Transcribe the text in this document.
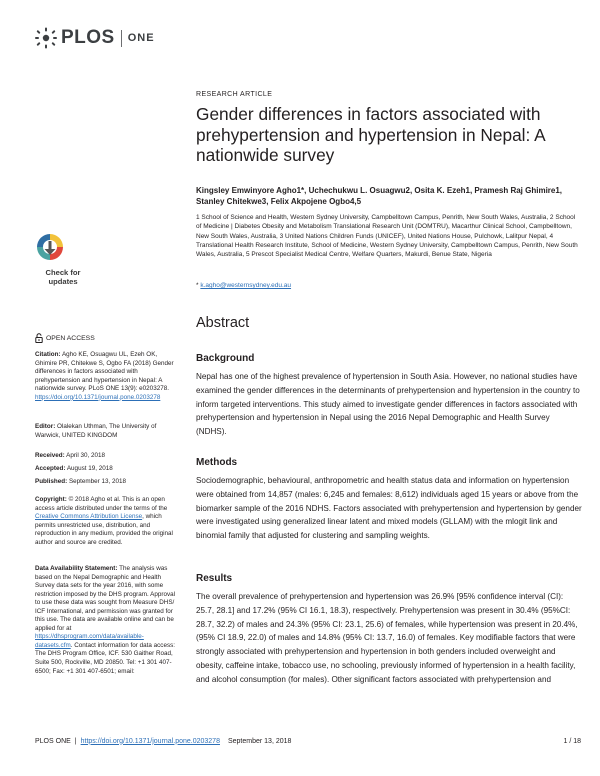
PLOS ONE
Check for updates
OPEN ACCESS
Citation: Agho KE, Osuagwu UL, Ezeh OK, Ghimire PR, Chitekwe S, Ogbo FA (2018) Gender differences in factors associated with prehypertension and hypertension in Nepal: A nationwide survey. PLoS ONE 13(9): e0203278. https://doi.org/10.1371/journal.pone.0203278
Editor: Olalekan Uthman, The University of Warwick, UNITED KINGDOM
Received: April 30, 2018
Accepted: August 19, 2018
Published: September 13, 2018
Copyright: © 2018 Agho et al. This is an open access article distributed under the terms of the Creative Commons Attribution License, which permits unrestricted use, distribution, and reproduction in any medium, provided the original author and source are credited.
Data Availability Statement: The analysis was based on the Nepal Demographic and Health Survey data sets for the year 2016, with some restriction imposed by the DHS program. Approval to use these data was sought from Measure DHS/ ICF International, and permission was granted for this use. The data are available online and can be applied for at https://dhsprogram.com/data/available-datasets.cfm. Contact information for data access: The DHS Program Office, ICF. 530 Gaither Road, Suite 500, Rockville, MD 20850. Tel: +1 301 407-6500; Fax: +1 301 407-6501; email:
RESEARCH ARTICLE
Gender differences in factors associated with prehypertension and hypertension in Nepal: A nationwide survey
Kingsley Emwinyore Agho1*, Uchechukwu L. Osuagwu2, Osita K. Ezeh1, Pramesh Raj Ghimire1, Stanley Chitekwe3, Felix Akpojene Ogbo4,5
1 School of Science and Health, Western Sydney University, Campbelltown Campus, Penrith, New South Wales, Australia, 2 School of Medicine | Diabetes Obesity and Metabolism Translational Research Unit (DOMTRU), Macarthur Clinical School, Campbelltown, New South Wales, Australia, 3 United Nations Children Funds (UNICEF), United Nations House, Pulchowk, Lalitpur Nepal, 4 Translational Health Research Institute, School of Medicine, Western Sydney University, Campbelltown Campus, Penrith, New South Wales, Australia, 5 Prescot Specialist Medical Centre, Welfare Quarters, Makurdi, Benue State, Nigeria
* k.agho@westernsydney.edu.au
Abstract
Background
Nepal has one of the highest prevalence of hypertension in South Asia. However, no national studies have examined the gender differences in the determinants of prehypertension and hypertension in the country to inform targeted interventions. This study aimed to investigate gender differences in factors associated with prehypertension and hypertension in Nepal using the 2016 Nepal Demographic and Health Survey (NDHS).
Methods
Sociodemographic, behavioural, anthropometric and health status data and information on hypertension were obtained from 14,857 (males: 6,245 and females: 8,612) individuals aged 15 years or above from the biomarker sample of the 2016 NDHS. Factors associated with prehypertension and hypertension by gender were investigated using generalized linear latent and mixed models (GLLAM) with the mlogit link and binomial family that adjusted for clustering and sampling weights.
Results
The overall prevalence of prehypertension and hypertension was 26.9% [95% confidence interval (CI): 25.7, 28.1] and 17.2% (95% CI 16.1, 18.3), respectively. Prehypertension was present in 30.4% (95%CI: 28.7, 32.2) of males and 24.3% (95% CI: 23.1, 25.6) of females, while hypertension was present in 20.4%, (95% CI 18.9, 22.0) of males and 14.8% (95% CI: 13.7, 16.0) of females. Key modifiable factors that were strongly associated with prehypertension and hypertension in both genders included overweight and obesity, caffeine intake, tobacco use, no schooling, previously informed of hypertension in a health facility, and alcohol consumption (for males). Other significant factors associated with prehypertension and
PLOS ONE | https://doi.org/10.1371/journal.pone.0203278 September 13, 2018	1 / 18
